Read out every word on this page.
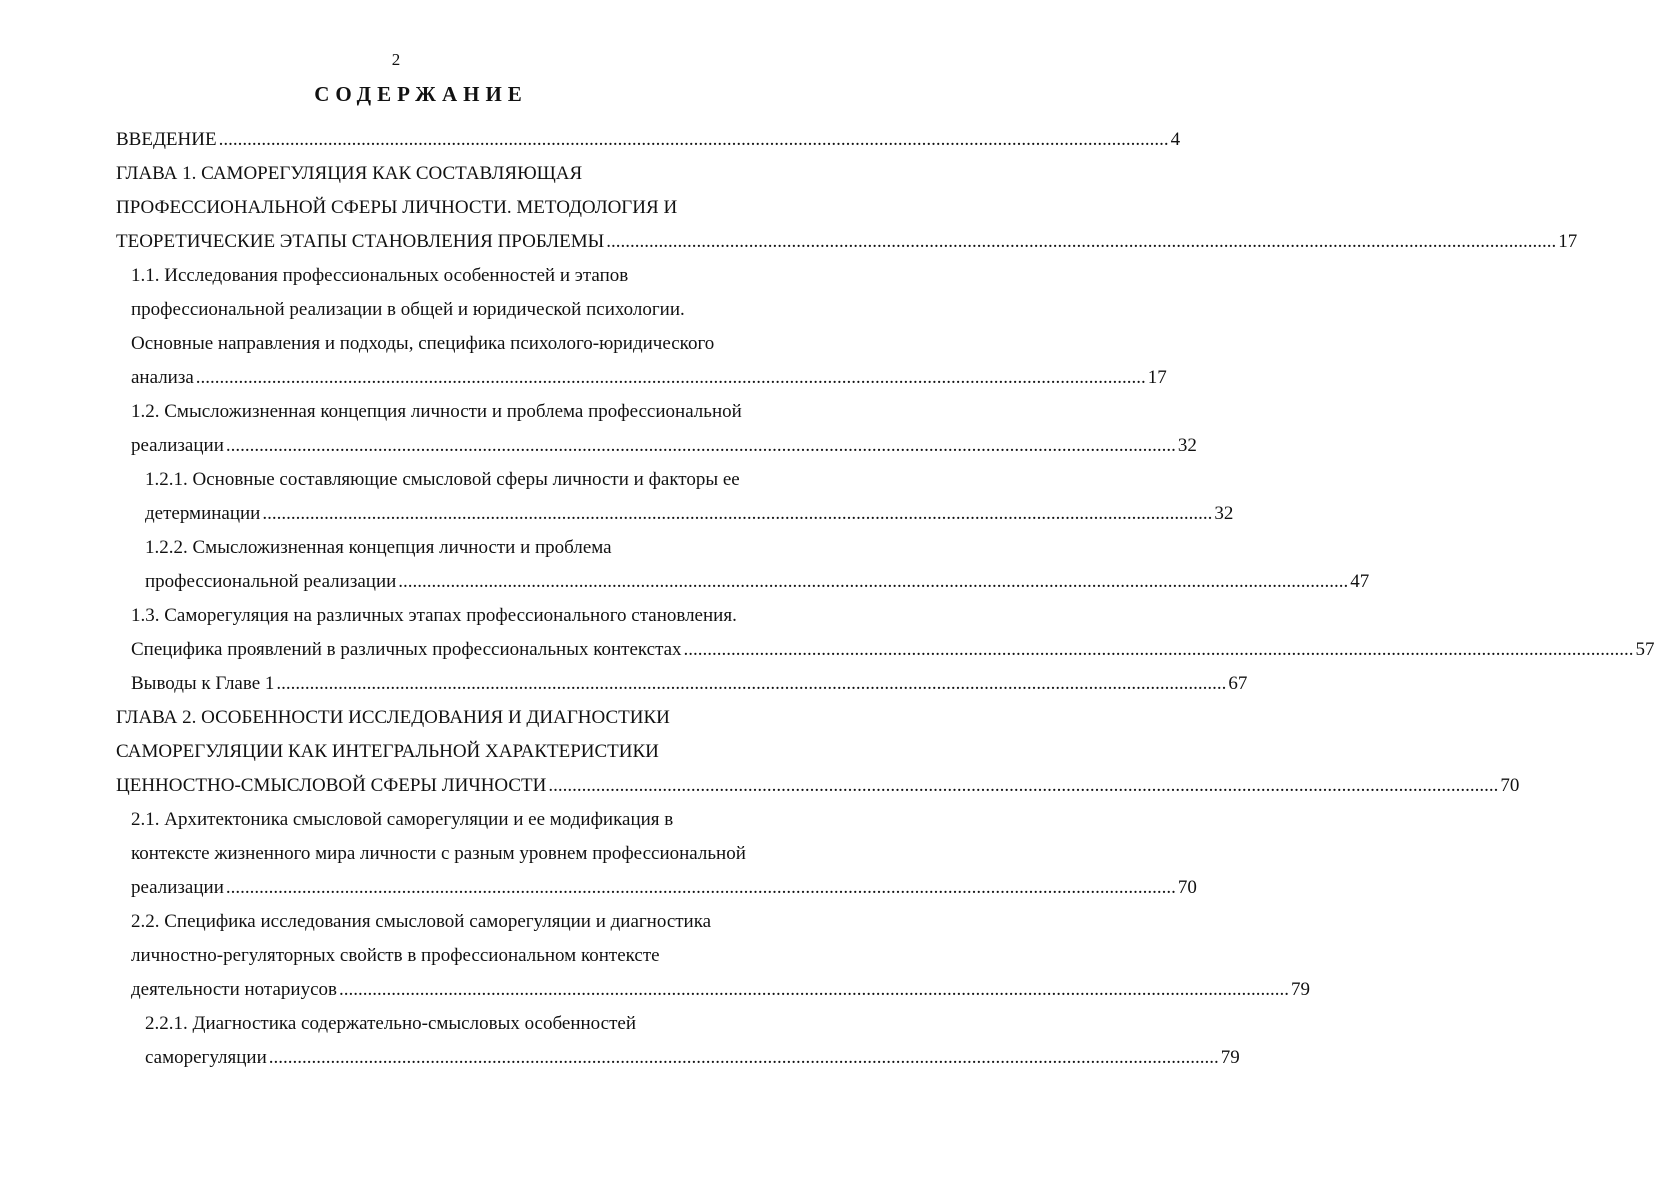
2
СОДЕРЖАНИЕ
ВВЕДЕНИЕ ........................................................................................................................................................................................................ 4
ГЛАВА 1. САМОРЕГУЛЯЦИЯ КАК СОСТАВЛЯЮЩАЯ
ПРОФЕССИОНАЛЬНОЙ СФЕРЫ ЛИЧНОСТИ. МЕТОДОЛОГИЯ И
ТЕОРЕТИЧЕСКИЕ ЭТАПЫ СТАНОВЛЕНИЯ ПРОБЛЕМЫ ........................................................................................................................................................................................................ 17
1.1. Исследования профессиональных особенностей и этапов
профессиональной реализации в общей и юридической психологии.
Основные направления и подходы, специфика психолого-юридического
анализа ........................................................................................................................................................................................................ 17
1.2. Смысложизненная концепция личности и проблема профессиональной
реализации ........................................................................................................................................................................................................ 32
1.2.1. Основные составляющие смысловой сферы личности и факторы ее
детерминации ........................................................................................................................................................................................................ 32
1.2.2. Смысложизненная концепция личности и проблема
профессиональной реализации ........................................................................................................................................................................................................ 47
1.3. Саморегуляция на различных этапах профессионального становления.
Специфика проявлений в различных профессиональных контекстах ........................................................................................................................................................................................................ 57
Выводы к Главе 1 ........................................................................................................................................................................................................ 67
ГЛАВА 2. ОСОБЕННОСТИ ИССЛЕДОВАНИЯ И ДИАГНОСТИКИ
САМОРЕГУЛЯЦИИ КАК ИНТЕГРАЛЬНОЙ ХАРАКТЕРИСТИКИ
ЦЕННОСТНО-СМЫСЛОВОЙ СФЕРЫ ЛИЧНОСТИ ........................................................................................................................................................................................................ 70
2.1. Архитектоника смысловой саморегуляции и ее модификация в
контексте жизненного мира личности с разным уровнем профессиональной
реализации ........................................................................................................................................................................................................ 70
2.2. Специфика исследования смысловой саморегуляции и диагностика
личностно-регуляторных свойств в профессиональном контексте
деятельности нотариусов ........................................................................................................................................................................................................ 79
2.2.1. Диагностика содержательно-смысловых особенностей
саморегуляции ........................................................................................................................................................................................................ 79
